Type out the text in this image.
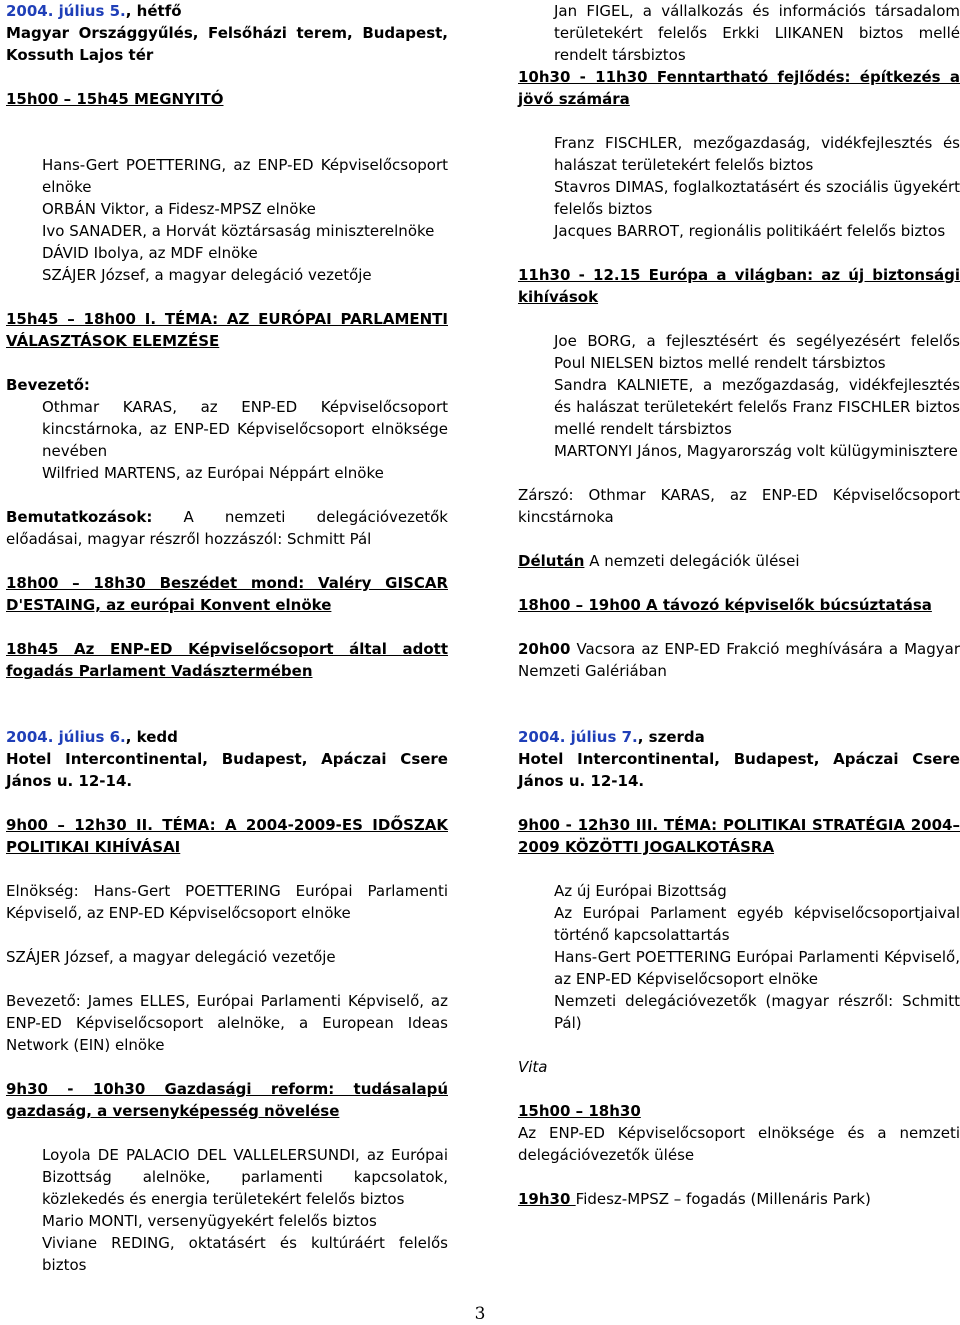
2004. július 5., hétfő

Magyar Országgyűlés, Felsőházi terem, Budapest, Kossuth Lajos tér

15h00 – 15h45 MEGNYITÓ

Hans-Gert POETTERING, az ENP-ED Képviselőcsoport elnöke

ORBÁN Viktor, a Fidesz-MPSZ elnöke

Ivo SANADER, a Horvát köztársaság miniszterelnöke

DÁVID Ibolya, az MDF elnöke

SZÁJER József, a magyar delegáció vezetője

15h45 – 18h00 I. TÉMA: AZ EURÓPAI PARLAMENTI VÁLASZTÁSOK ELEMZÉSE

Bevezető:

Othmar KARAS, az ENP-ED Képviselőcsoport kincstárnoka, az ENP-ED Képviselőcsoport elnöksége nevében

Wilfried MARTENS, az Európai Néppárt elnöke

Bemutatkozások: A nemzeti delegációvezetők előadásai, magyar részről hozzászól: Schmitt Pál

18h00 – 18h30 Beszédet mond: Valéry GISCAR D'ESTAING, az európai Konvent elnöke

18h45 Az ENP-ED Képviselőcsoport által adott fogadás Parlament Vadásztermében

2004. július 6., kedd

Hotel Intercontinental, Budapest, Apáczai Csere János u. 12-14.

9h00 – 12h30 II. TÉMA: A 2004-2009-ES IDŐSZAK POLITIKAI KIHÍVÁSAI

Elnökség: Hans-Gert POETTERING Európai Parlamenti Képviselő, az ENP-ED Képviselőcsoport elnöke

SZÁJER József, a magyar delegáció vezetője

Bevezető: James ELLES, Európai Parlamenti Képviselő, az ENP-ED Képviselőcsoport alelnöke, a European Ideas Network (EIN) elnöke

9h30 - 10h30 Gazdasági reform: tudásalapú gazdaság, a versenyképesség növelése

Loyola DE PALACIO DEL VALLELERSUNDI, az Európai Bizottság alelnöke, parlamenti kapcsolatok, közlekedés és energia területekért felelős biztos

Mario MONTI, versenyügyekért felelős biztos

Viviane REDING, oktatásért és kultúráért felelős biztos

Jan FIGEL, a vállalkozás és információs társadalom területekért felelős Erkki LIIKANEN biztos mellé rendelt társbiztos

10h30 - 11h30 Fenntartható fejlődés: építkezés a jövő számára

Franz FISCHLER, mezőgazdaság, vidékfejlesztés és halászat területekért felelős biztos

Stavros DIMAS, foglalkoztatásért és szociális ügyekért felelős biztos

Jacques BARROT, regionális politikáért felelős biztos

11h30 - 12.15 Európa a világban: az új biztonsági kihívások

Joe BORG, a fejlesztésért és segélyezésért felelős Poul NIELSEN biztos mellé rendelt társbiztos

Sandra KALNIETE, a mezőgazdaság, vidékfejlesztés és halászat területekért felelős Franz FISCHLER biztos mellé rendelt társbiztos

MARTONYI János, Magyarország volt külügyminisztere

Zárszó: Othmar KARAS, az ENP-ED Képviselőcsoport kincstárnoka

Délután A nemzeti delegációk ülései

18h00 – 19h00 A távozó képviselők búcsúztatása

20h00 Vacsora az ENP-ED Frakció meghívására a Magyar Nemzeti Galériában

2004. július 7., szerda

Hotel Intercontinental, Budapest, Apáczai Csere János u. 12-14.

9h00 - 12h30 III. TÉMA: POLITIKAI STRATÉGIA 2004–2009 KÖZÖTTI JOGALKOTÁSRA

Az új Európai Bizottság

Az Európai Parlament egyéb képviselőcsoportjaival történő kapcsolattartás

Hans-Gert POETTERING Európai Parlamenti Képviselő, az ENP-ED Képviselőcsoport elnöke

Nemzeti delegációvezetők (magyar részről: Schmitt Pál)

Vita

15h00 – 18h30

Az ENP-ED Képviselőcsoport elnöksége és a nemzeti delegációvezetők ülése

19h30 Fidesz-MPSZ – fogadás (Millenáris Park)

3
